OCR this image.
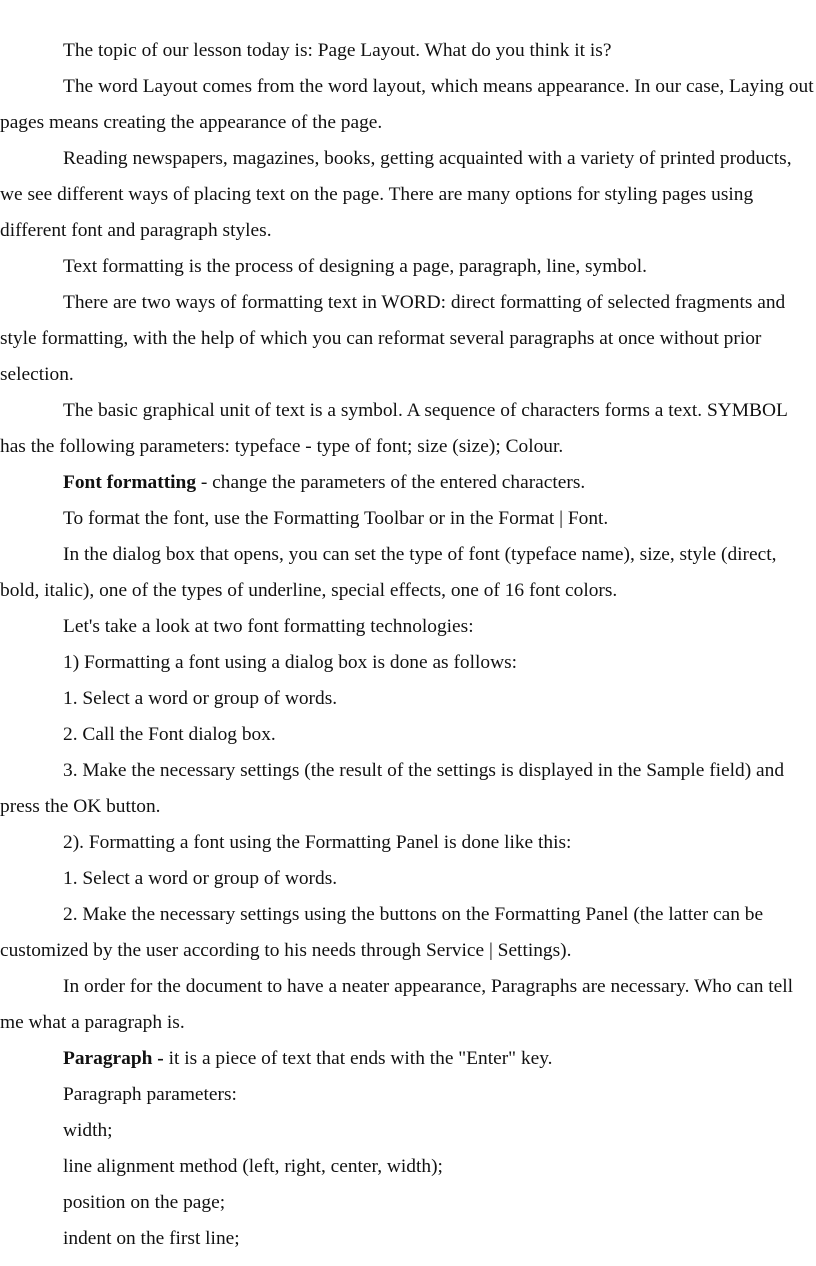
The topic of our lesson today is: Page Layout. What do you think it is?

The word Layout comes from the word layout, which means appearance. In our case, Laying out pages means creating the appearance of the page.

Reading newspapers, magazines, books, getting acquainted with a variety of printed products, we see different ways of placing text on the page. There are many options for styling pages using different font and paragraph styles.

Text formatting is the process of designing a page, paragraph, line, symbol.

There are two ways of formatting text in WORD: direct formatting of selected fragments and style formatting, with the help of which you can reformat several paragraphs at once without prior selection.

The basic graphical unit of text is a symbol. A sequence of characters forms a text. SYMBOL has the following parameters: typeface - type of font; size (size); Colour.

Font formatting - change the parameters of the entered characters.

To format the font, use the Formatting Toolbar or in the Format | Font.

In the dialog box that opens, you can set the type of font (typeface name), size, style (direct, bold, italic), one of the types of underline, special effects, one of 16 font colors.

Let's take a look at two font formatting technologies:

1) Formatting a font using a dialog box is done as follows:

1. Select a word or group of words.

2. Call the Font dialog box.

3. Make the necessary settings (the result of the settings is displayed in the Sample field) and press the OK button.

2). Formatting a font using the Formatting Panel is done like this:

1. Select a word or group of words.

2. Make the necessary settings using the buttons on the Formatting Panel (the latter can be customized by the user according to his needs through Service | Settings).

In order for the document to have a neater appearance, Paragraphs are necessary. Who can tell me what a paragraph is.

Paragraph - it is a piece of text that ends with the "Enter" key.

Paragraph parameters:

width;

line alignment method (left, right, center, width);

position on the page;

indent on the first line;
